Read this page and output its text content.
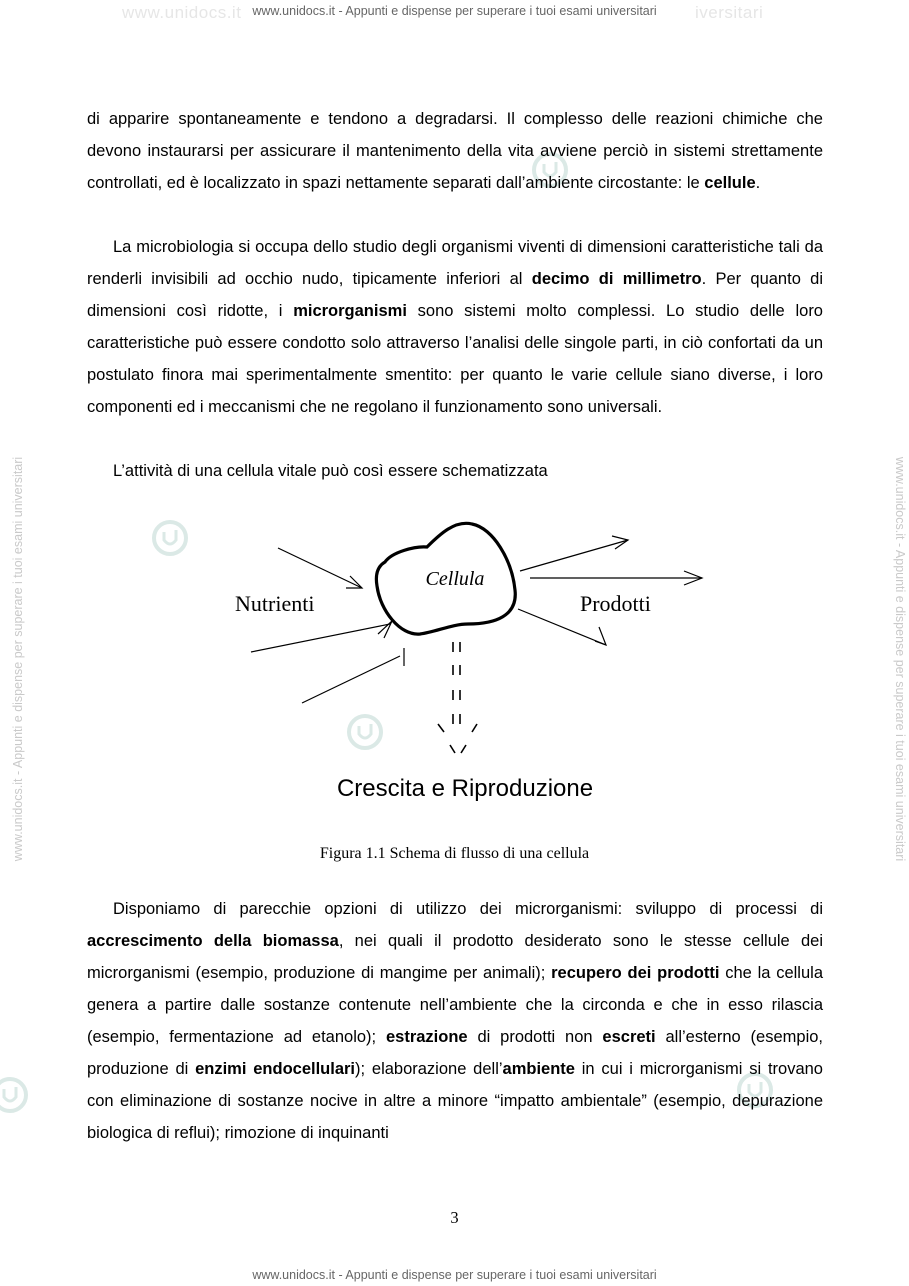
www.unidocs.it	iversitari
www.unidocs.it - Appunti e dispense per superare i tuoi esami universitari
www.unidocs.it - Appunti e dispense per superare i tuoi esami universitari
www.unidocs.it - Appunti e dispense per superare i tuoi esami universitari	www.unidocs.it - Appunti e dispense per superare i tuoi esami universitari
di apparire spontaneamente e tendono a degradarsi. Il complesso delle reazioni chimiche che devono instaurarsi per assicurare il mantenimento della vita avviene perciò in sistemi strettamente controllati, ed è localizzato in spazi nettamente separati dall’ambiente circostante: le cellule.
La microbiologia si occupa dello studio degli organismi viventi di dimensioni caratteristiche tali da renderli invisibili ad occhio nudo, tipicamente inferiori al decimo di millimetro. Per quanto di dimensioni così ridotte, i microrganismi sono sistemi molto complessi. Lo studio delle loro caratteristiche può essere condotto solo attraverso l’analisi delle singole parti, in ciò confortati da un postulato finora mai sperimentalmente smentito: per quanto le varie cellule siano diverse, i loro componenti ed i meccanismi che ne regolano il funzionamento sono universali.
L’attività di una cellula vitale può così essere schematizzata
Cellula
Nutrienti	Prodotti
Crescita e Riproduzione
Figura 1.1 Schema di flusso di una cellula
Disponiamo di parecchie opzioni di utilizzo dei microrganismi: sviluppo di processi di accrescimento della biomassa, nei quali il prodotto desiderato sono le stesse cellule dei microrganismi (esempio, produzione di mangime per animali); recupero dei prodotti che la cellula genera a partire dalle sostanze contenute nell’ambiente che la circonda e che in esso rilascia (esempio, fermentazione ad etanolo); estrazione di prodotti non escreti all’esterno (esempio, produzione di enzimi endocellulari); elaborazione dell’ambiente in cui i microrganismi si trovano con eliminazione di sostanze nocive in altre a minore “impatto ambientale” (esempio, depurazione biologica di reflui); rimozione di inquinanti
3
